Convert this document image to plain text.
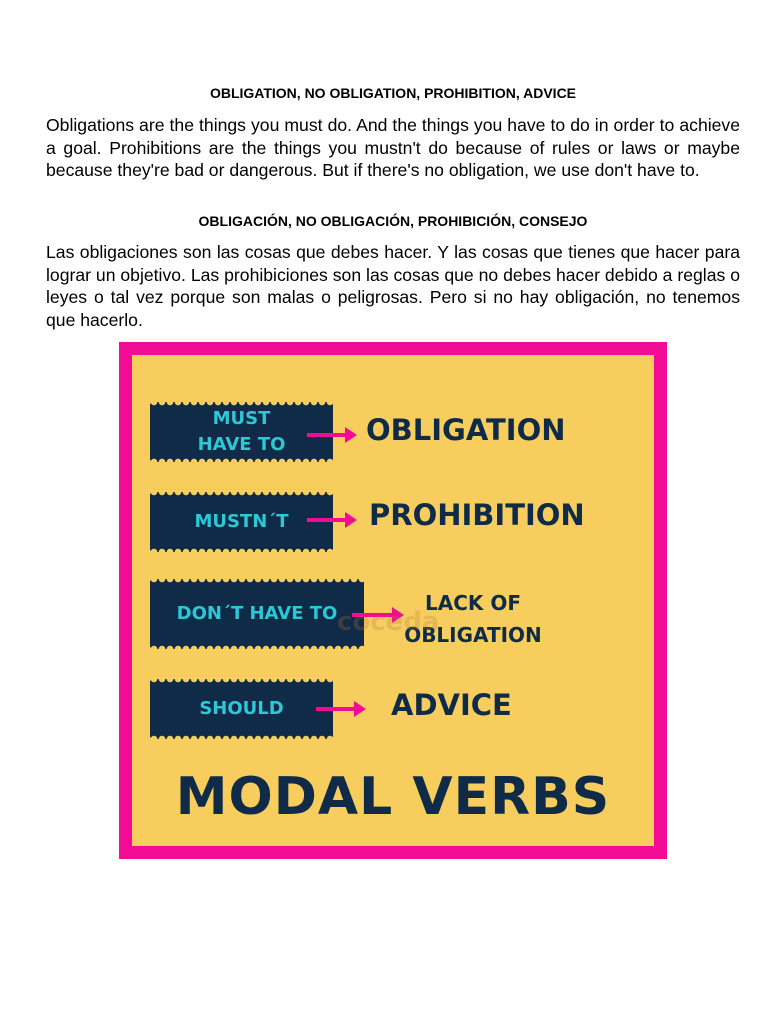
OBLIGATION, NO OBLIGATION, PROHIBITION, ADVICE

Obligations are the things you must do. And the things you have to do in order to achieve a goal. Prohibitions are the things you mustn't do because of rules or laws or maybe because they're bad or dangerous. But if there's no obligation, we use don't have to.

OBLIGACIÓN, NO OBLIGACIÓN, PROHIBICIÓN, CONSEJO

Las obligaciones son las cosas que debes hacer. Y las cosas que tienes que hacer para lograr un objetivo. Las prohibiciones son las cosas que no debes hacer debido a reglas o leyes o tal vez porque son malas o peligrosas. Pero si no hay obligación, no tenemos que hacerlo.

MUST
HAVE TO	OBLIGATION
MUSTN´T	PROHIBITION
DON´T HAVE TO	LACK OF
OBLIGATION
SHOULD	ADVICE
coceda
MODAL VERBS
